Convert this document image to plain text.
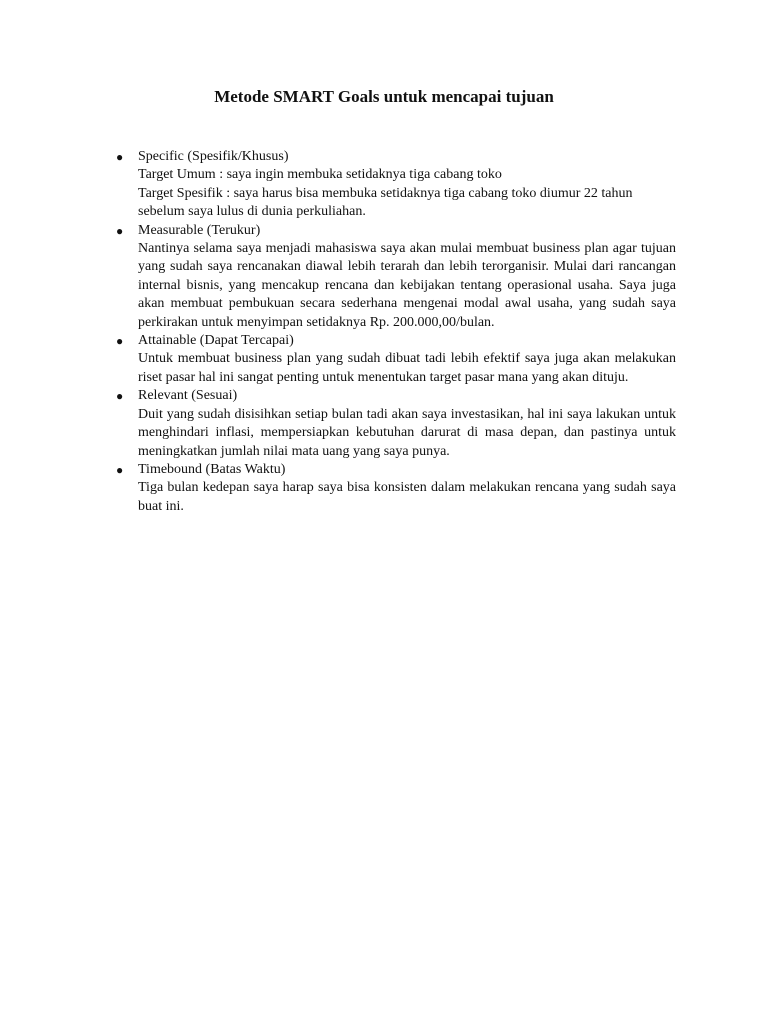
Metode SMART Goals untuk mencapai tujuan
● Specific (Spesifik/Khusus)
Target Umum : saya ingin membuka setidaknya tiga cabang toko
Target Spesifik : saya harus bisa membuka setidaknya tiga cabang toko diumur 22 tahun sebelum saya lulus di dunia perkuliahan.
● Measurable (Terukur)
Nantinya selama saya menjadi mahasiswa saya akan mulai membuat business plan agar tujuan yang sudah saya rencanakan diawal lebih terarah dan lebih terorganisir. Mulai dari rancangan internal bisnis, yang mencakup rencana dan kebijakan tentang operasional usaha. Saya juga akan membuat pembukuan secara sederhana mengenai modal awal usaha, yang sudah saya perkirakan untuk menyimpan setidaknya Rp. 200.000,00/bulan.
● Attainable (Dapat Tercapai)
Untuk membuat business plan yang sudah dibuat tadi lebih efektif saya juga akan melakukan riset pasar hal ini sangat penting untuk menentukan target pasar mana yang akan dituju.
● Relevant (Sesuai)
Duit yang sudah disisihkan setiap bulan tadi akan saya investasikan, hal ini saya lakukan untuk menghindari inflasi, mempersiapkan kebutuhan darurat di masa depan, dan pastinya untuk meningkatkan jumlah nilai mata uang yang saya punya.
● Timebound (Batas Waktu)
Tiga bulan kedepan saya harap saya bisa konsisten dalam melakukan rencana yang sudah saya buat ini.
